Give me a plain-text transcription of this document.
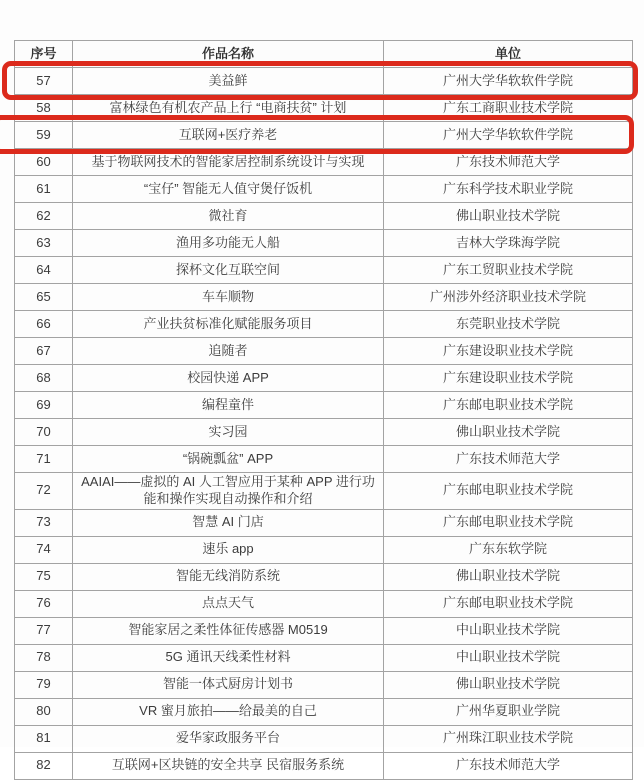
序号	作品名称	单位
57	美益鲜	广州大学华软软件学院
58	富林绿色有机农产品上行 “电商扶贫” 计划	广东工商职业技术学院
59	互联网+医疗养老	广州大学华软软件学院
60	基于物联网技术的智能家居控制系统设计与实现	广东技术师范大学
61	“宝仔” 智能无人值守煲仔饭机	广东科学技术职业学院
62	微社育	佛山职业技术学院
63	渔用多功能无人船	吉林大学珠海学院
64	探杯文化互联空间	广东工贸职业技术学院
65	车车顺物	广州涉外经济职业技术学院
66	产业扶贫标准化赋能服务项目	东莞职业技术学院
67	追随者	广东建设职业技术学院
68	校园快递 APP	广东建设职业技术学院
69	编程童伴	广东邮电职业技术学院
70	实习园	佛山职业技术学院
71	“锅碗瓢盆” APP	广东技术师范大学
72	AAIAI——虚拟的 AI 人工智应用于某种 APP 进行功能和操作实现自动操作和介绍	广东邮电职业技术学院
73	智慧 AI 门店	广东邮电职业技术学院
74	速乐 app	广东东软学院
75	智能无线消防系统	佛山职业技术学院
76	点点天气	广东邮电职业技术学院
77	智能家居之柔性体征传感器 M0519	中山职业技术学院
78	5G 通讯天线柔性材料	中山职业技术学院
79	智能一体式厨房计划书	佛山职业技术学院
80	VR 蜜月旅拍——给最美的自己	广州华夏职业学院
81	爱华家政服务平台	广州珠江职业技术学院
82	互联网+区块链的安全共享 民宿服务系统	广东技术师范大学
